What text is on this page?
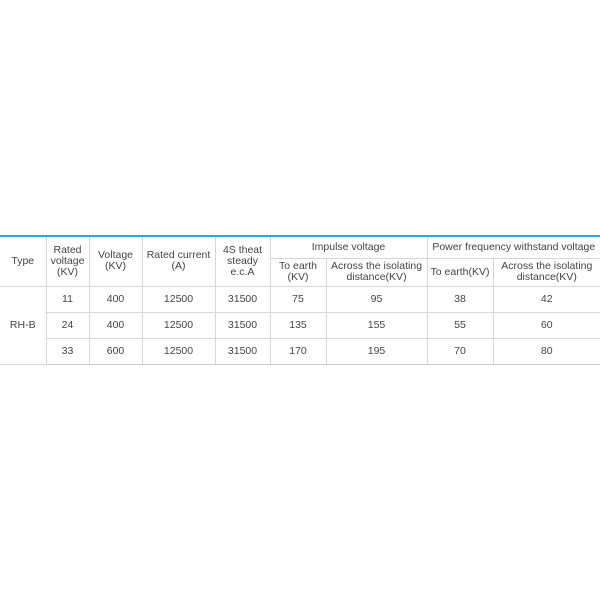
Type	Rated voltage (KV)	Voltage (KV)	Rated current (A)	4S theat steady e.c.A	Impulse voltage		Power frequency withstand voltage	

					To earth (KV)	Across the isolating distance(KV)	To earth(KV)	Across the isolating distance(KV)

RH-B	11	400	12500	31500	75	95	38	42
	24	400	12500	31500	135	155	55	60
	33	600	12500	31500	170	195	70	80
